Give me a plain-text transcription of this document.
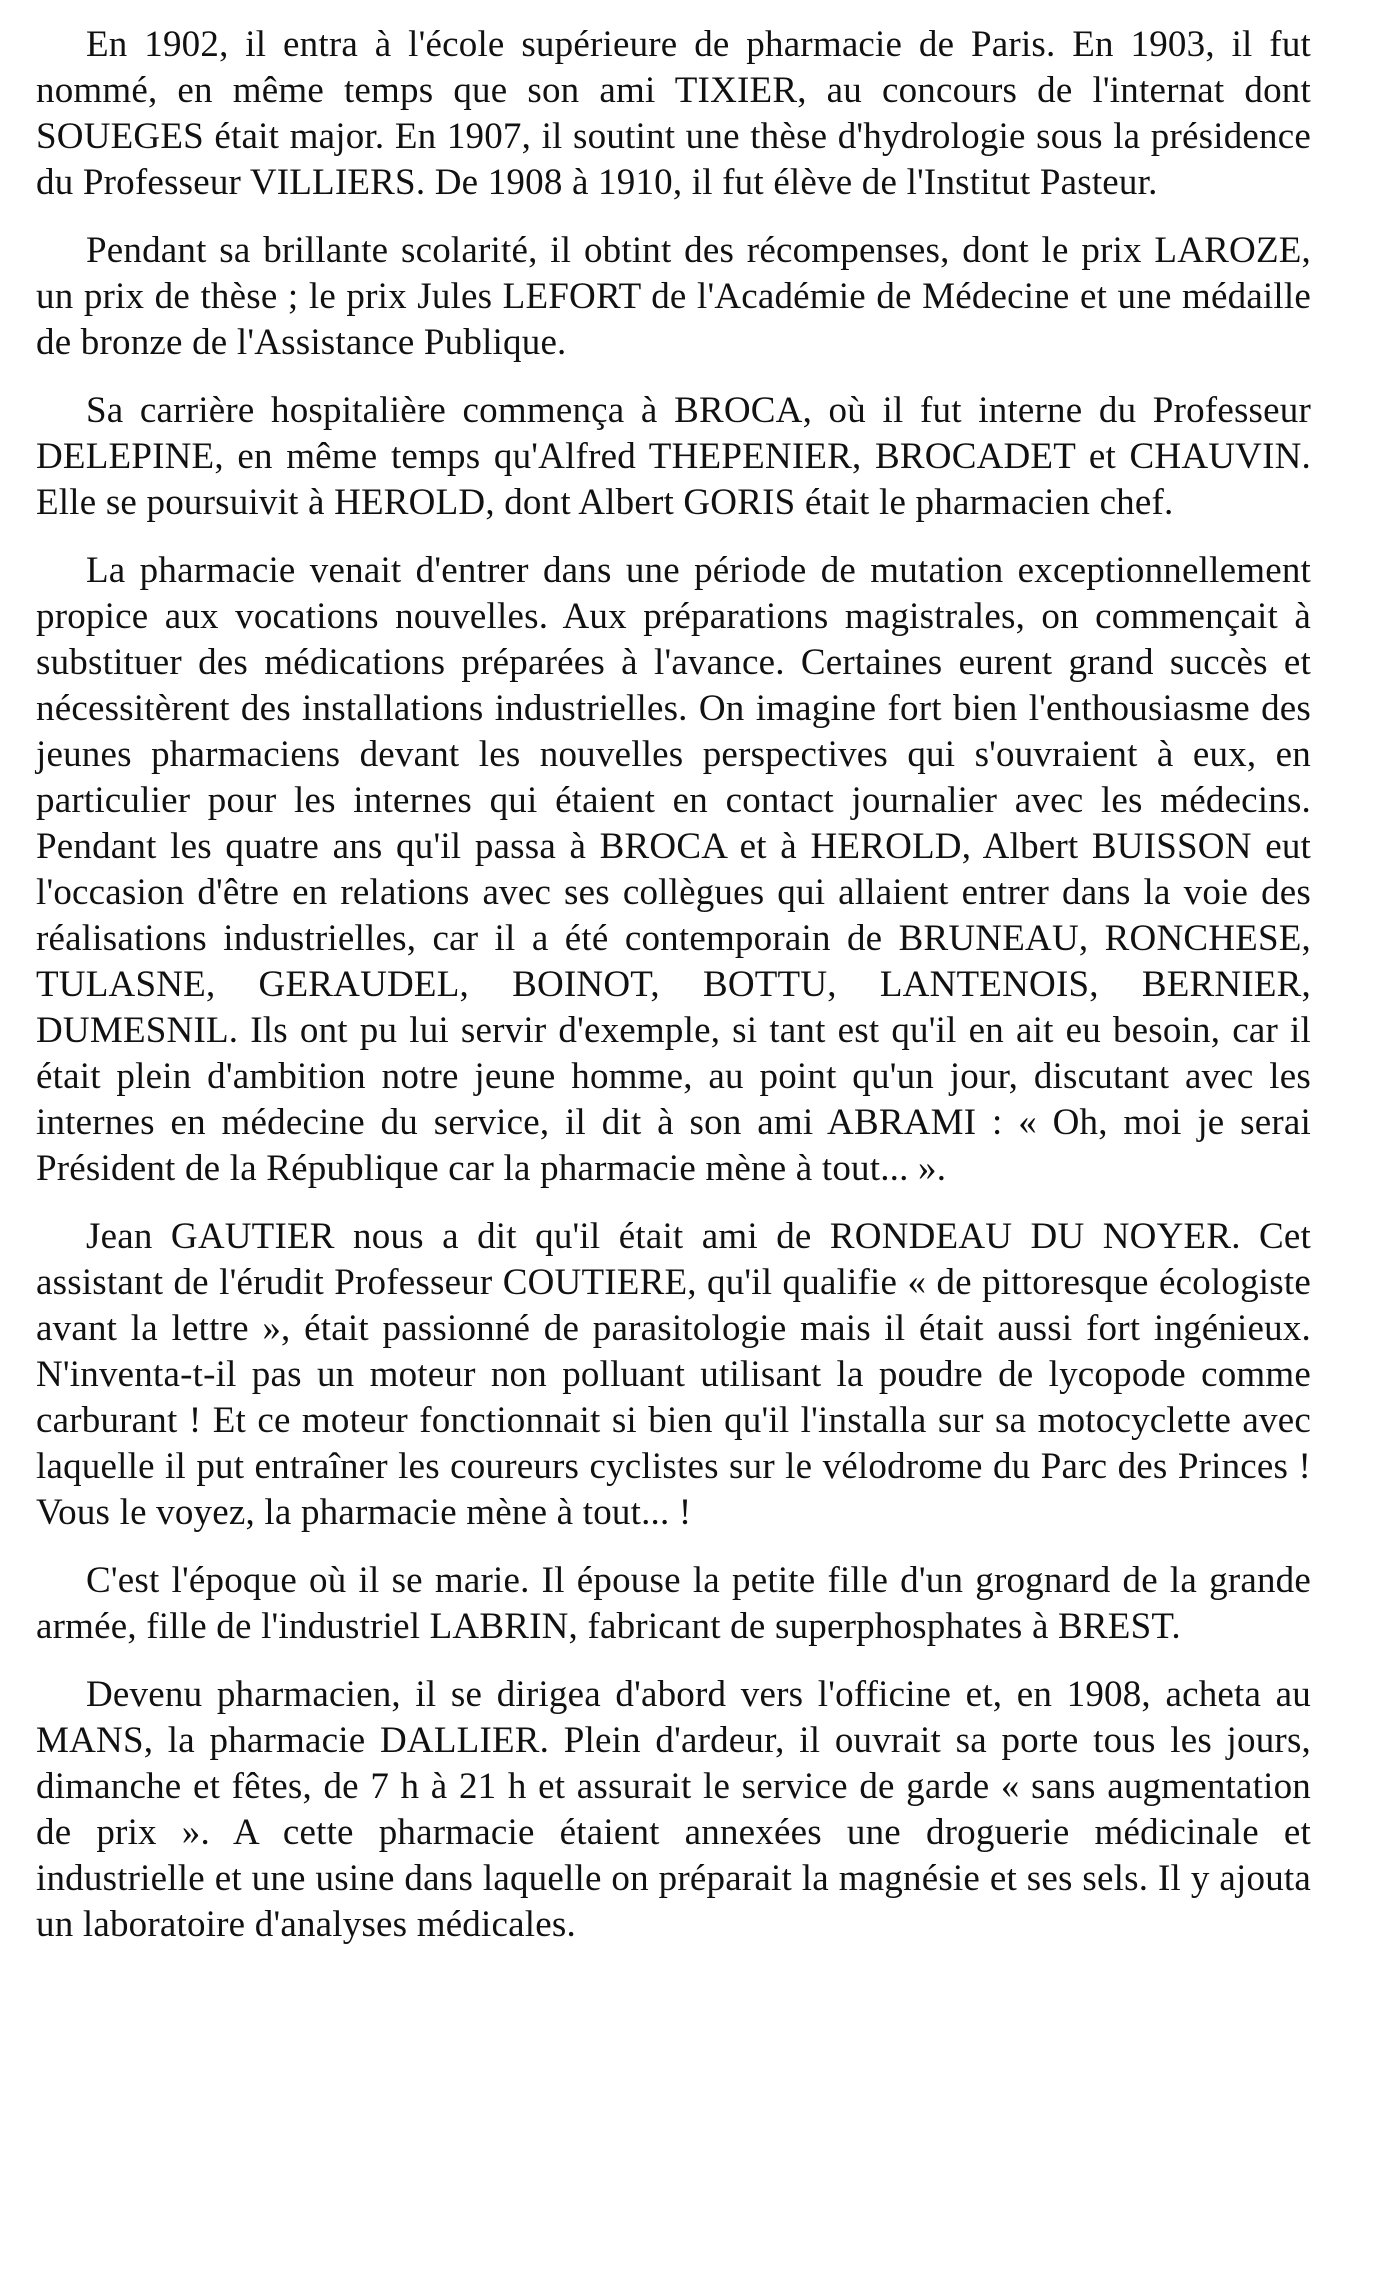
En 1902, il entra à l'école supérieure de pharmacie de Paris. En 1903, il fut nommé, en même temps que son ami TIXIER, au concours de l'internat dont SOUEGES était major. En 1907, il soutint une thèse d'hydrologie sous la présidence du Professeur VILLIERS. De 1908 à 1910, il fut élève de l'Institut Pasteur.

Pendant sa brillante scolarité, il obtint des récompenses, dont le prix LAROZE, un prix de thèse ; le prix Jules LEFORT de l'Académie de Médecine et une médaille de bronze de l'Assistance Publique.

Sa carrière hospitalière commença à BROCA, où il fut interne du Professeur DELEPINE, en même temps qu'Alfred THEPENIER, BROCADET et CHAUVIN. Elle se poursuivit à HEROLD, dont Albert GORIS était le pharmacien chef.

La pharmacie venait d'entrer dans une période de mutation exceptionnellement propice aux vocations nouvelles. Aux préparations magistrales, on commençait à substituer des médications préparées à l'avance. Certaines eurent grand succès et nécessitèrent des installations industrielles. On imagine fort bien l'enthousiasme des jeunes pharmaciens devant les nouvelles perspectives qui s'ouvraient à eux, en particulier pour les internes qui étaient en contact journalier avec les médecins. Pendant les quatre ans qu'il passa à BROCA et à HEROLD, Albert BUISSON eut l'occasion d'être en relations avec ses collègues qui allaient entrer dans la voie des réalisations industrielles, car il a été contemporain de BRUNEAU, RONCHESE, TULASNE, GERAUDEL, BOINOT, BOTTU, LANTENOIS, BERNIER, DUMESNIL. Ils ont pu lui servir d'exemple, si tant est qu'il en ait eu besoin, car il était plein d'ambition notre jeune homme, au point qu'un jour, discutant avec les internes en médecine du service, il dit à son ami ABRAMI : « Oh, moi je serai Président de la République car la pharmacie mène à tout... ».

Jean GAUTIER nous a dit qu'il était ami de RONDEAU DU NOYER. Cet assistant de l'érudit Professeur COUTIERE, qu'il qualifie « de pittoresque écologiste avant la lettre », était passionné de parasitologie mais il était aussi fort ingénieux. N'inventa-t-il pas un moteur non polluant utilisant la poudre de lycopode comme carburant ! Et ce moteur fonctionnait si bien qu'il l'installa sur sa motocyclette avec laquelle il put entraîner les coureurs cyclistes sur le vélodrome du Parc des Princes ! Vous le voyez, la pharmacie mène à tout... !

C'est l'époque où il se marie. Il épouse la petite fille d'un grognard de la grande armée, fille de l'industriel LABRIN, fabricant de superphosphates à BREST.

Devenu pharmacien, il se dirigea d'abord vers l'officine et, en 1908, acheta au MANS, la pharmacie DALLIER. Plein d'ardeur, il ouvrait sa porte tous les jours, dimanche et fêtes, de 7 h à 21 h et assurait le service de garde « sans augmentation de prix ». A cette pharmacie étaient annexées une droguerie médicinale et industrielle et une usine dans laquelle on préparait la magnésie et ses sels. Il y ajouta un laboratoire d'analyses médicales.
